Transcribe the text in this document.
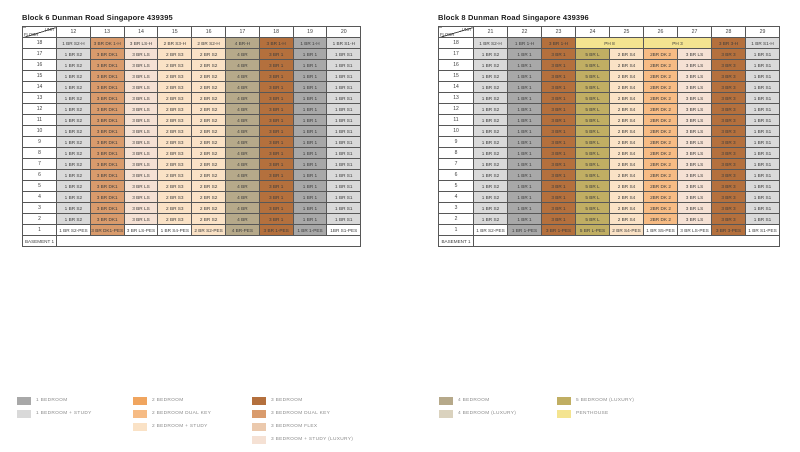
Block 6 Dunman Road Singapore 439395
UNIT
FLOOR	12	13	14	15	16	17	18	19	20
18	1 BR S2-H	3 BR DK 1-H	3 BR LS-H	2 BR S3-H	2 BR S2-H	4 BR-H	3 BR 1-H	1 BR 1-H	1 BR S1-H
17	1 BR S2	3 BR DK1	3 BR LS	2 BR S3	2 BR S2	4 BR	3 BR 1	1 BR 1	1 BR S1
16	1 BR S2	3 BR DK1	3 BR LS	2 BR S3	2 BR S2	4 BR	3 BR 1	1 BR 1	1 BR S1
15	1 BR S2	3 BR DK1	3 BR LS	2 BR S3	2 BR S2	4 BR	3 BR 1	1 BR 1	1 BR S1
14	1 BR S2	3 BR DK1	3 BR LS	2 BR S3	2 BR S2	4 BR	3 BR 1	1 BR 1	1 BR S1
13	1 BR S2	3 BR DK1	3 BR LS	2 BR S3	2 BR S2	4 BR	3 BR 1	1 BR 1	1 BR S1
12	1 BR S2	3 BR DK1	3 BR LS	2 BR S3	2 BR S2	4 BR	3 BR 1	1 BR 1	1 BR S1
11	1 BR S2	3 BR DK1	3 BR LS	2 BR S3	2 BR S2	4 BR	3 BR 1	1 BR 1	1 BR S1
10	1 BR S2	3 BR DK1	3 BR LS	2 BR S3	2 BR S2	4 BR	3 BR 1	1 BR 1	1 BR S1
9	1 BR S2	3 BR DK1	3 BR LS	2 BR S3	2 BR S2	4 BR	3 BR 1	1 BR 1	1 BR S1
8	1 BR S2	3 BR DK1	3 BR LS	2 BR S3	2 BR S2	4 BR	3 BR 1	1 BR 1	1 BR S1
7	1 BR S2	3 BR DK1	3 BR LS	2 BR S3	2 BR S2	4 BR	3 BR 1	1 BR 1	1 BR S1
6	1 BR S2	3 BR DK1	3 BR LS	2 BR S3	2 BR S2	4 BR	3 BR 1	1 BR 1	1 BR S1
5	1 BR S2	3 BR DK1	3 BR LS	2 BR S3	2 BR S2	4 BR	3 BR 1	1 BR 1	1 BR S1
4	1 BR S2	3 BR DK1	3 BR LS	2 BR S3	2 BR S2	4 BR	3 BR 1	1 BR 1	1 BR S1
3	1 BR S2	3 BR DK1	3 BR LS	2 BR S3	2 BR S2	4 BR	3 BR 1	1 BR 1	1 BR S1
2	1 BR S2	3 BR DK1	3 BR LS	2 BR S3	2 BR S2	4 BR	3 BR 1	1 BR 1	1 BR S1
1	1 BR S2-PES	3 BR DK1-PES	3 BR LS-PES	1 BR S4-PES	2 BR S2-PES	4 BR-PES	3 BR 1-PES	1 BR 1-PES	1BR S1-PES
BASEMENT 1									
Block 8 Dunman Road Singapore 439396
UNIT
FLOOR	21	22	23	24	25	26	27	28	29
18	1 BR S2-H	1 BR 1-H	3 BR 1-H	PH 8		PH 3		3 BR 3-H	1 BR S1-H
17	1 BR S2	1 BR 1	3 BR 1	5 BR L	2 BR S4	2BR DK 2	3 BR LS	3 BR 3	1 BR S1
16	1 BR S2	1 BR 1	3 BR 1	5 BR L	2 BR S4	2BR DK 2	3 BR LS	3 BR 3	1 BR S1
15	1 BR S2	1 BR 1	3 BR 1	5 BR L	2 BR S4	2BR DK 2	3 BR LS	3 BR 3	1 BR S1
14	1 BR S2	1 BR 1	3 BR 1	5 BR L	2 BR S4	2BR DK 2	3 BR LS	3 BR 3	1 BR S1
13	1 BR S2	1 BR 1	3 BR 1	5 BR L	2 BR S4	2BR DK 2	3 BR LS	3 BR 3	1 BR S1
12	1 BR S2	1 BR 1	3 BR 1	5 BR L	2 BR S4	2BR DK 2	3 BR LS	3 BR 3	1 BR S1
11	1 BR S2	1 BR 1	3 BR 1	5 BR L	2 BR S4	2BR DK 2	3 BR LS	3 BR 3	1 BR S1
10	1 BR S2	1 BR 1	3 BR 1	5 BR L	2 BR S4	2BR DK 2	3 BR LS	3 BR 3	1 BR S1
9	1 BR S2	1 BR 1	3 BR 1	5 BR L	2 BR S4	2BR DK 2	3 BR LS	3 BR 3	1 BR S1
8	1 BR S2	1 BR 1	3 BR 1	5 BR L	2 BR S4	2BR DK 2	3 BR LS	3 BR 3	1 BR S1
7	1 BR S2	1 BR 1	3 BR 1	5 BR L	2 BR S4	2BR DK 2	3 BR LS	3 BR 3	1 BR S1
6	1 BR S2	1 BR 1	3 BR 1	5 BR L	2 BR S4	2BR DK 2	3 BR LS	3 BR 3	1 BR S1
5	1 BR S2	1 BR 1	3 BR 1	5 BR L	2 BR S4	2BR DK 2	3 BR LS	3 BR 3	1 BR S1
4	1 BR S2	1 BR 1	3 BR 1	5 BR L	2 BR S4	2BR DK 2	3 BR LS	3 BR 3	1 BR S1
3	1 BR S2	1 BR 1	3 BR 1	5 BR L	2 BR S4	2BR DK 2	3 BR LS	3 BR 3	1 BR S1
2	1 BR S2	1 BR 1	3 BR 1	5 BR L	2 BR S4	2BR DK 2	3 BR LS	3 BR 3	1 BR S1
1	1 BR S2-PES	1 BR 1-PES	3 BR 1-PES	5 BR L-PES	2 BR S4-PES	1 BR S5-PES	3 BR LS-PES	3 BR 3-PES	1 BR S1-PES
BASEMENT 1									
1 BEDROOM
1 BEDROOM + STUDY
2 BEDROOM
2 BEDROOM DUAL KEY
2 BEDROOM + STUDY
3 BEDROOM
3 BEDROOM DUAL KEY
3 BEDROOM FLEX
3 BEDROOM + STUDY (LUXURY)
4 BEDROOM
4 BEDROOM (LUXURY)
5 BEDROOM (LUXURY)
PENTHOUSE
